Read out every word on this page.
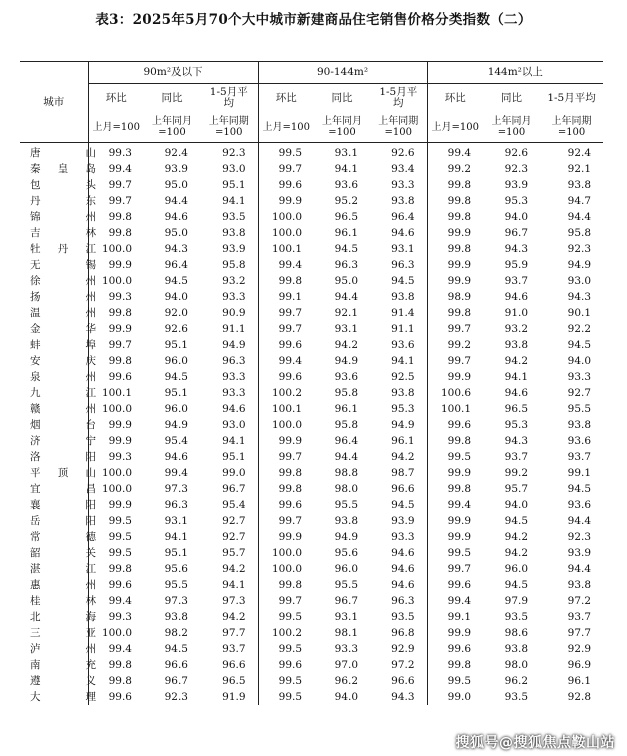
表3：2025年5月70个大中城市新建商品住宅销售价格分类指数（二）
城市	90m²及以下			90-144m²			144m²以上		
	环比	同比	1-5月平均	环比	同比	1-5月平均	环比	同比	1-5月平均
	上月=100	上年同月=100	上年同期=100	上月=100	上年同月=100	上年同期=100	上月=100	上年同月=100	上年同期=100

唐 山	99.3	92.4	92.3	99.5	93.1	92.6	99.4	92.6	92.4

秦 皇 岛	99.4	93.9	93.0	99.7	94.1	93.4	99.2	92.3	92.1

包 头	99.7	95.0	95.1	99.6	93.6	93.3	99.8	93.9	93.8

丹 东	99.7	94.4	94.1	99.9	95.2	93.8	99.8	95.3	94.7

锦 州	99.8	94.6	93.5	100.0	96.5	96.4	99.8	94.0	94.4

吉 林	99.8	95.0	93.8	100.0	96.1	94.6	99.9	96.7	95.8

牡 丹 江	100.0	94.3	93.9	100.1	94.5	93.1	99.8	94.3	92.3

无 锡	99.9	96.4	95.8	99.4	96.3	96.3	99.9	95.9	94.9

徐 州	100.0	94.5	93.2	99.8	95.0	94.5	99.9	93.7	93.0

扬 州	99.3	94.0	93.3	99.1	94.4	93.8	98.9	94.6	94.3

温 州	99.8	92.0	90.9	99.7	92.1	91.4	99.8	91.0	90.1

金 华	99.9	92.6	91.1	99.7	93.1	91.1	99.7	93.2	92.2

蚌 埠	99.7	95.1	94.9	99.6	94.2	93.6	99.2	93.8	94.5

安 庆	99.8	96.0	96.3	99.4	94.9	94.1	99.7	94.2	94.0

泉 州	99.6	94.5	93.3	99.6	93.6	92.5	99.9	94.1	93.3

九 江	100.1	95.1	93.3	100.2	95.8	93.8	100.6	94.6	92.7

赣 州	100.0	96.0	94.6	100.1	96.1	95.3	100.1	96.5	95.5

烟 台	99.9	94.9	93.0	100.0	95.8	94.9	99.6	95.3	93.8

济 宁	99.9	95.4	94.1	99.9	96.4	96.1	99.8	94.3	93.6

洛 阳	99.3	94.6	95.1	99.7	94.4	94.2	99.5	93.7	93.7

平 顶 山	100.0	99.4	99.0	99.8	98.8	98.7	99.9	99.2	99.1

宜 昌	100.0	97.3	96.7	99.8	98.0	96.6	99.8	95.7	94.5

襄 阳	99.9	96.3	95.4	99.6	95.5	94.5	99.4	94.0	93.6

岳 阳	99.5	93.1	92.7	99.7	93.8	93.9	99.9	94.5	94.4

常 德	99.5	94.1	92.7	99.9	94.9	93.3	99.9	94.2	92.3

韶 关	99.5	95.1	95.7	100.0	95.6	94.6	99.5	94.2	93.9

湛 江	99.8	95.6	94.2	100.0	96.0	94.6	99.7	96.0	94.4

惠 州	99.6	95.5	94.1	99.8	95.5	94.6	99.6	94.5	93.8

桂 林	99.4	97.3	97.3	99.7	96.7	96.3	99.4	97.9	97.2

北 海	99.3	93.8	94.2	99.5	93.1	93.5	99.1	93.5	93.7

三 亚	100.0	98.2	97.7	100.2	98.1	96.8	99.9	98.6	97.7

泸 州	99.4	94.5	93.7	99.5	93.3	92.9	99.6	93.8	92.9

南 充	99.8	96.6	96.6	99.6	97.0	97.2	99.8	98.0	96.9

遵 义	99.8	96.7	96.5	99.5	96.2	96.6	99.5	96.2	96.1

大 理	99.6	92.3	91.9	99.5	94.0	94.3	99.0	93.5	92.8
搜狐号@搜狐焦点鞍山站
